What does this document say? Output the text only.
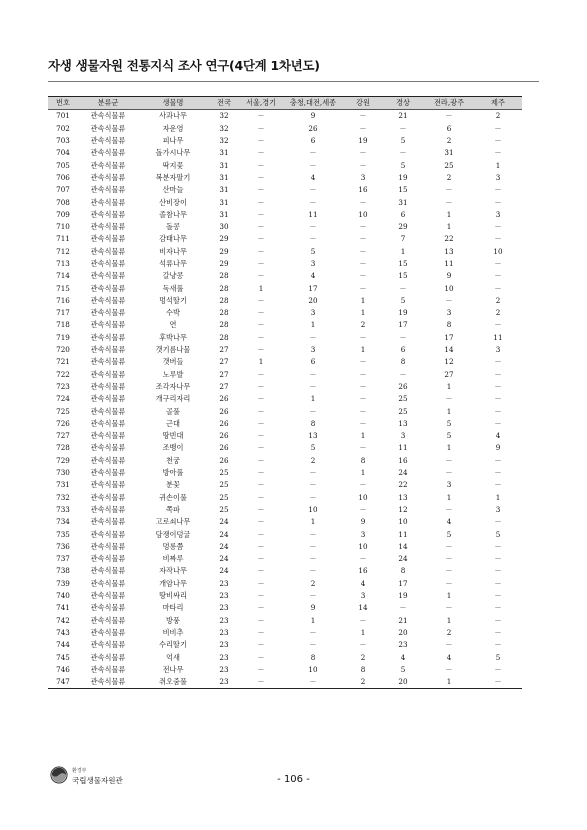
자생 생물자원 전통지식 조사 연구(4단계 1차년도)
번호	분류군	생물명	전국	서울,경기	충청,대전,세종	강원	경상	전라,광주	제주
701	관속식물류	사과나무	32	－	9	－	21	－	2
702	관속식물류	자운영	32	－	26	－	－	6	－
703	관속식물류	피나무	32	－	6	19	5	2	－
704	관속식물류	돌가시나무	31	－	－	－	－	31	－
705	관속식물류	딱지꽃	31	－	－	－	5	25	1
706	관속식물류	복분자딸기	31	－	4	3	19	2	3
707	관속식물류	산마늘	31	－	－	16	15	－	－
708	관속식물류	산비장이	31	－	－	－	31	－	－
709	관속식물류	졸참나무	31	－	11	10	6	1	3
710	관속식물류	돌콩	30	－	－	－	29	1	－
711	관속식물류	감태나무	29	－	－	－	7	22	－
712	관속식물류	비자나무	29	－	5	－	1	13	10
713	관속식물류	석류나무	29	－	3	－	15	11	－
714	관속식물류	갈냥콩	28	－	4	－	15	9	－
715	관속식물류	독새풀	28	1	17	－	－	10	－
716	관속식물류	멍석딸기	28	－	20	1	5	－	2
717	관속식물류	수박	28	－	3	1	19	3	2
718	관속식물류	연	28	－	1	2	17	8	－
719	관속식물류	후박나무	28	－	－	－	－	17	11
720	관속식물류	갯기름나물	27	－	3	1	6	14	3
721	관속식물류	갯버들	27	1	6	－	8	12	－
722	관속식물류	노루발	27	－	－	－	－	27	－
723	관속식물류	조각자나무	27	－	－	－	26	1	－
724	관속식물류	개구리자리	26	－	1	－	25	－	－
725	관속식물류	골풀	26	－	－	－	25	1	－
726	관속식물류	근대	26	－	8	－	13	5	－
727	관속식물류	땅빈대	26	－	13	1	3	5	4
728	관속식물류	조뱅이	26	－	5	－	11	1	9
729	관속식물류	천궁	26	－	2	8	16	－	－
730	관속식물류	방아풀	25	－	－	1	24	－	－
731	관속식물류	분꽃	25	－	－	－	22	3	－
732	관속식물류	귀손이풀	25	－	－	10	13	1	1
733	관속식물류	쪽파	25	－	10	－	12	－	3
734	관속식물류	고로쇠나무	24	－	1	9	10	4	－
735	관속식물류	담쟁이덩굴	24	－	－	3	11	5	5
736	관속식물류	멍롱쯤	24	－	－	10	14	－	－
737	관속식물류	비짜루	24	－	－	－	24	－	－
738	관속식물류	자작나무	24	－	－	16	8	－	－
739	관속식물류	개암나무	23	－	2	4	17	－	－
740	관속식물류	땅비싸리	23	－	－	3	19	1	－
741	관속식물류	마타리	23	－	9	14	－	－	－
742	관속식물류	방풍	23	－	1	－	21	1	－
743	관속식물류	비비추	23	－	－	1	20	2	－
744	관속식물류	수리딸기	23	－	－	－	23	－	－
745	관속식물류	억새	23	－	8	2	4	4	5
746	관속식물류	전나무	23	－	10	8	5	－	－
747	관속식물류	쥐오줌풀	23	－	－	2	20	1	－
환경부
국립생물자원관	- 106 -
